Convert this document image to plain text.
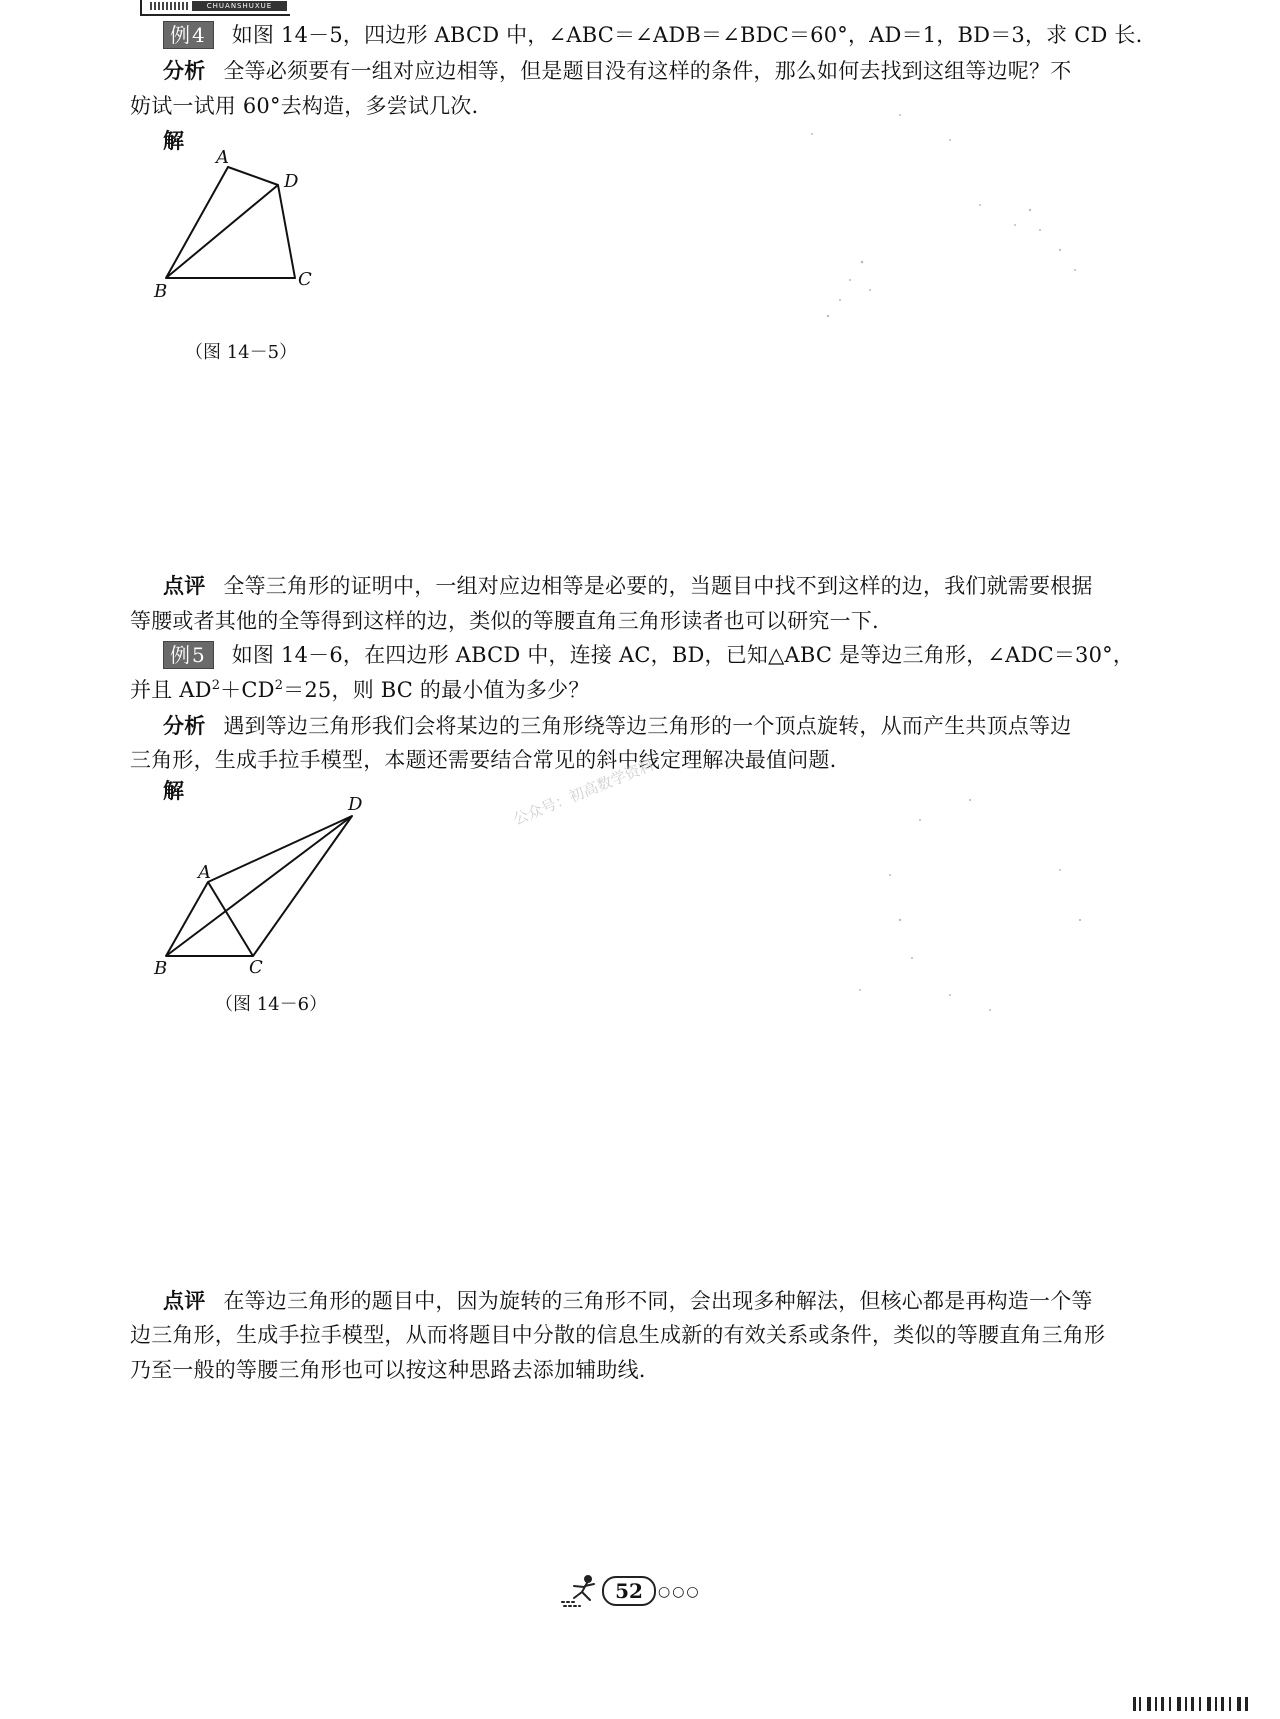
CHUANSHUXUE
例4 如图 14－5，四边形 ABCD 中，∠ABC＝∠ADB＝∠BDC＝60°，AD＝1，BD＝3，求 CD 长.
分析 全等必须要有一组对应边相等，但是题目没有这样的条件，那么如何去找到这组等边呢？不
妨试一试用 60°去构造，多尝试几次.
解
A
D
B
C
（图 14－5）
点评 全等三角形的证明中，一组对应边相等是必要的，当题目中找不到这样的边，我们就需要根据
等腰或者其他的全等得到这样的边，类似的等腰直角三角形读者也可以研究一下.
例5 如图 14－6，在四边形 ABCD 中，连接 AC，BD，已知△ABC 是等边三角形，∠ADC＝30°，
并且 $AD^2+CD^2=25$，则 BC 的最小值为多少？
分析 遇到等边三角形我们会将某边的三角形绕等边三角形的一个顶点旋转，从而产生共顶点等边
三角形，生成手拉手模型，本题还需要结合常见的斜中线定理解决最值问题.
解
D
A
B	C
（图 14－6）
公众号：初高数学资料
点评 在等边三角形的题目中，因为旋转的三角形不同，会出现多种解法，但核心都是再构造一个等
边三角形，生成手拉手模型，从而将题目中分散的信息生成新的有效关系或条件，类似的等腰直角三角形
乃至一般的等腰三角形也可以按这种思路去添加辅助线.
52	○○○
